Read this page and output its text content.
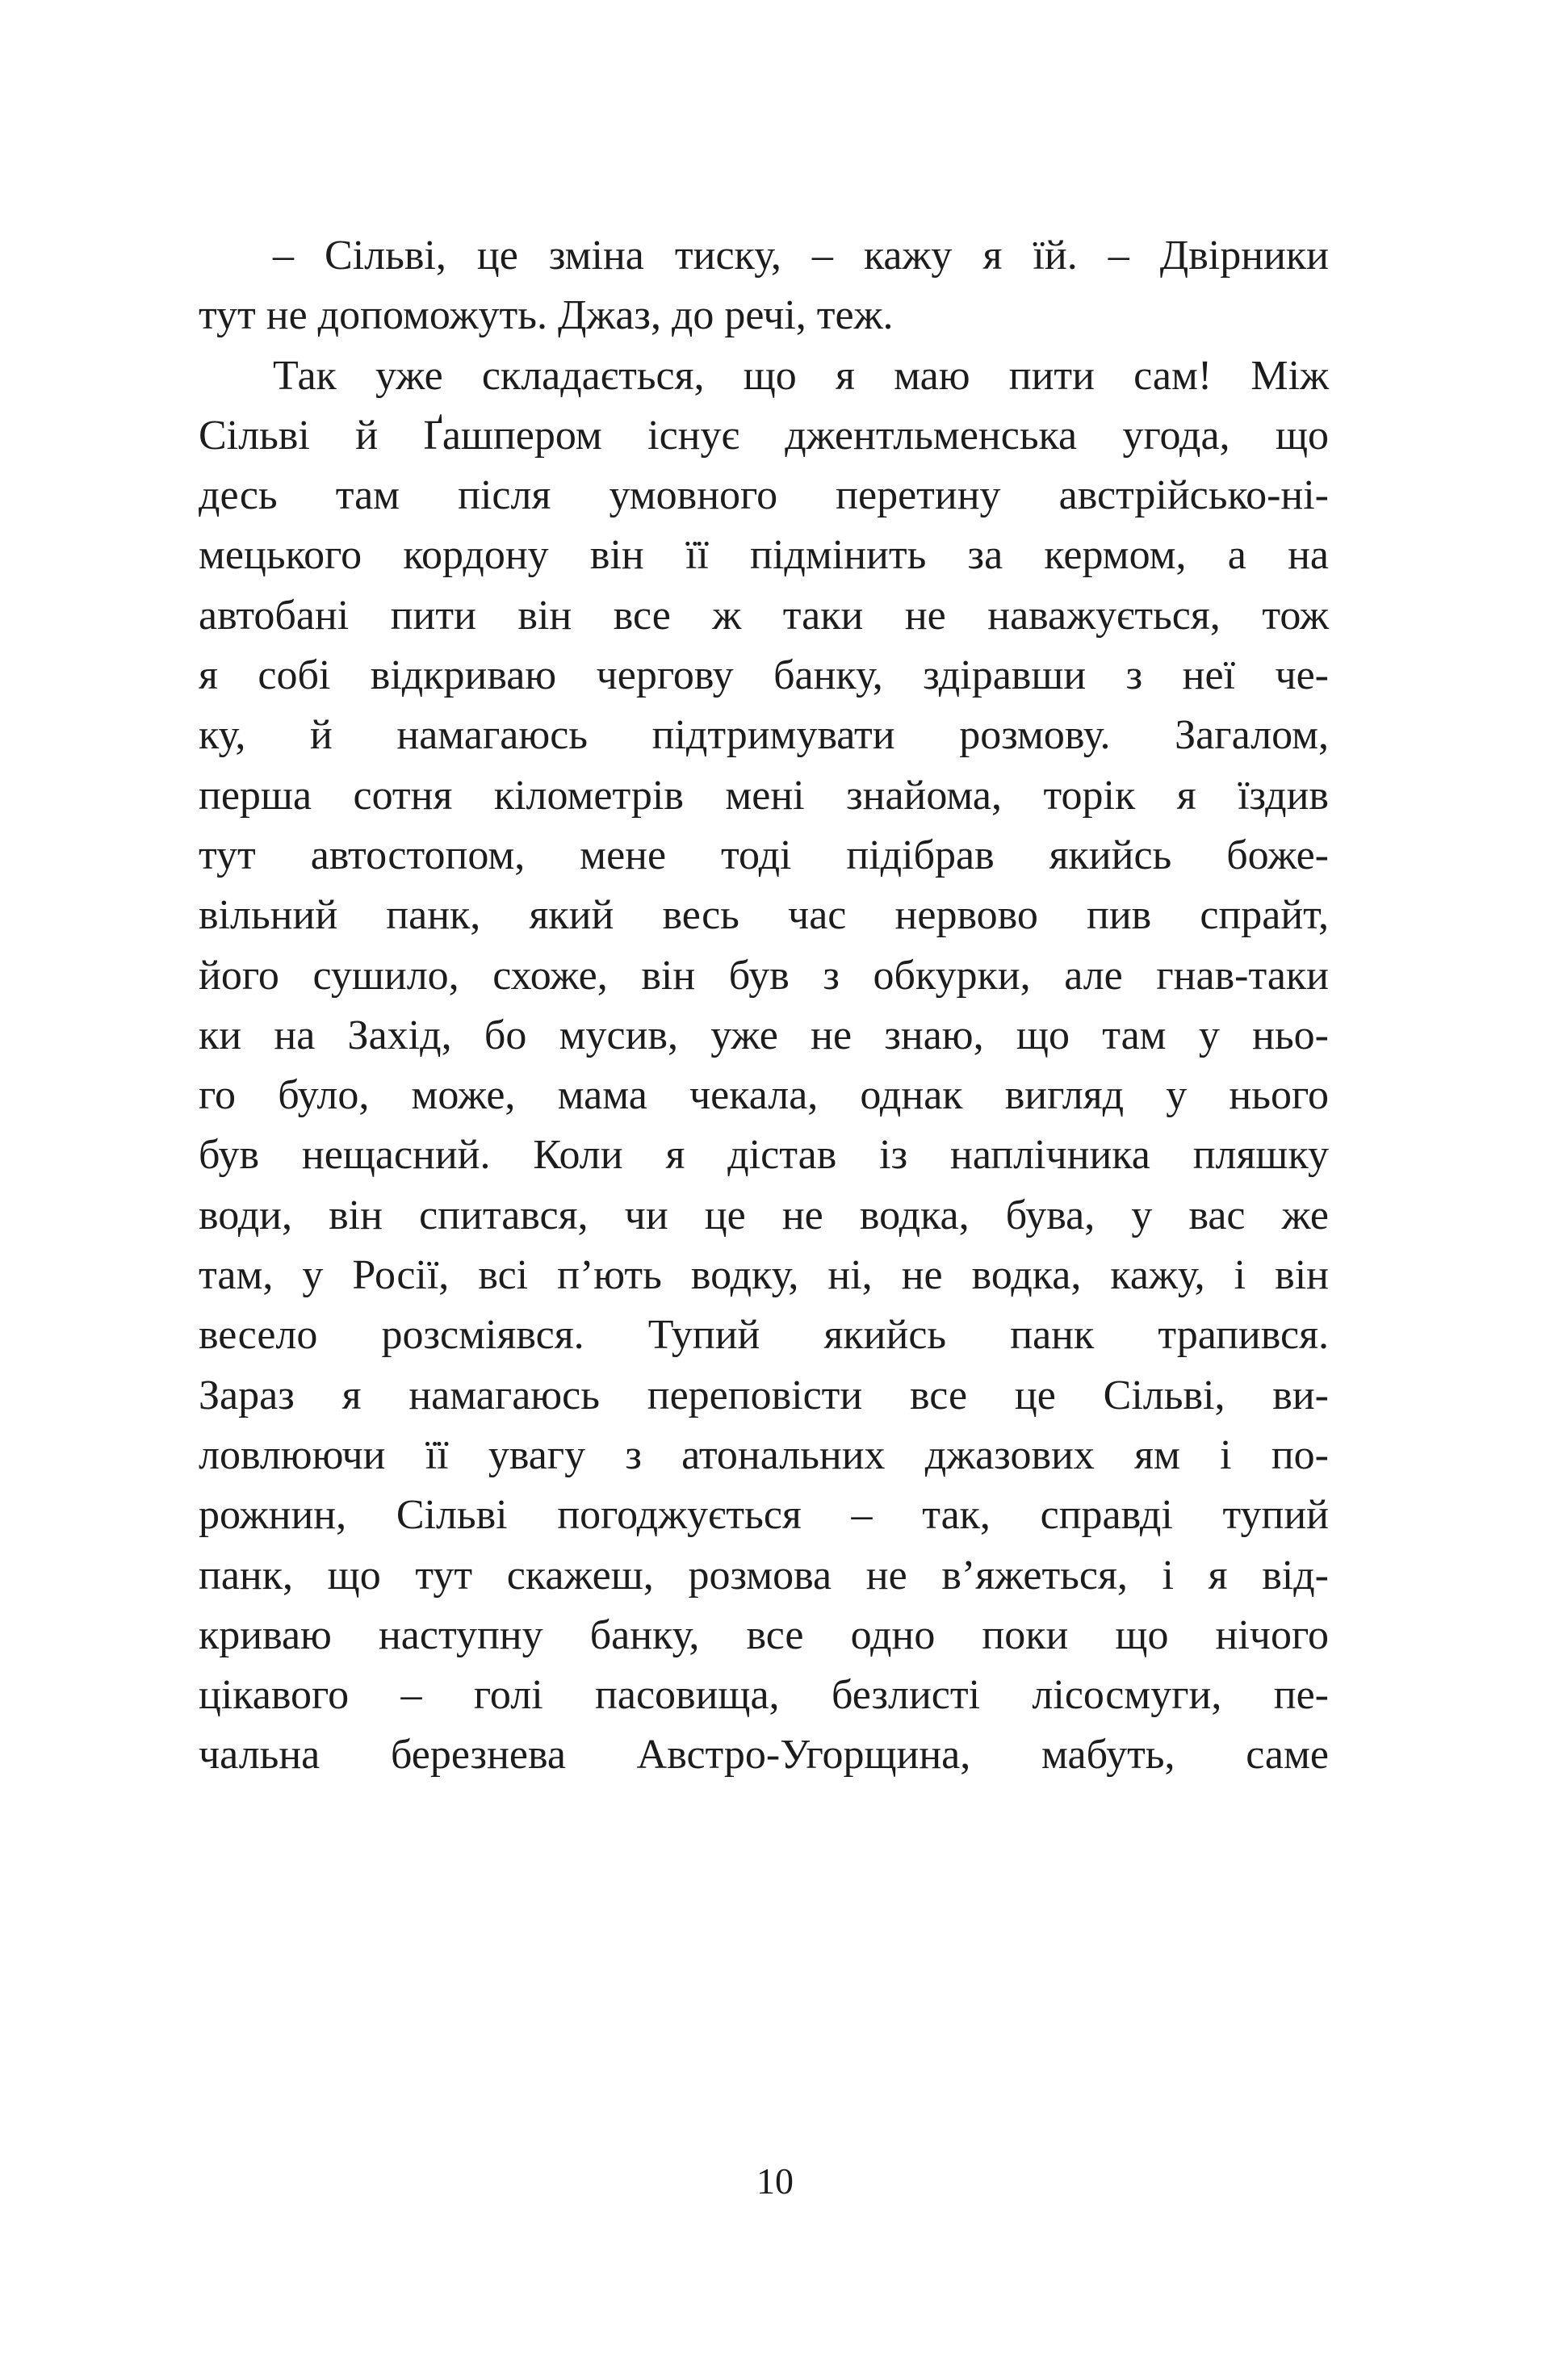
– Сільві, це зміна тиску, – кажу я їй. – Двірники
тут не допоможуть. Джаз, до речі, теж.
Так уже складається, що я маю пити сам! Між
Сільві й Ґашпером існує джентльменська угода, що
десь там після умовного перетину австрійсько-ні-
мецького кордону він її підмінить за кермом, а на
автобані пити він все ж таки не наважується, тож
я собі відкриваю чергову банку, здiравши з неї че-
ку, й намагаюсь підтримувати розмову. Загалом,
перша сотня кілометрів мені знайома, торік я їздив
тут автостопом, мене тоді підібрав якийсь боже-
вільний панк, який весь час нервово пив спрайт,
його сушило, схоже, він був з обкурки, але гнав-таки
ки на Захід, бо мусив, уже не знаю, що там у ньо-
го було, може, мама чекала, однак вигляд у нього
був нещасний. Коли я дістав із наплічника пляшку
води, він спитався, чи це не водка, бува, у вас же
там, у Росії, всі п’ють водку, ні, не водка, кажу, і він
весело розсміявся. Тупий якийсь панк трапився.
Зараз я намагаюсь переповісти все це Сільві, ви-
ловлюючи її увагу з атональних джазових ям і по-
рожнин, Сільві погоджується – так, справді тупий
панк, що тут скажеш, розмова не в’яжеться, і я від-
криваю наступну банку, все одно поки що нічого
цікавого – голі пасовища, безлисті лісосмуги, пе-
чальна березнева Австро-Угорщина, мабуть, саме
10
